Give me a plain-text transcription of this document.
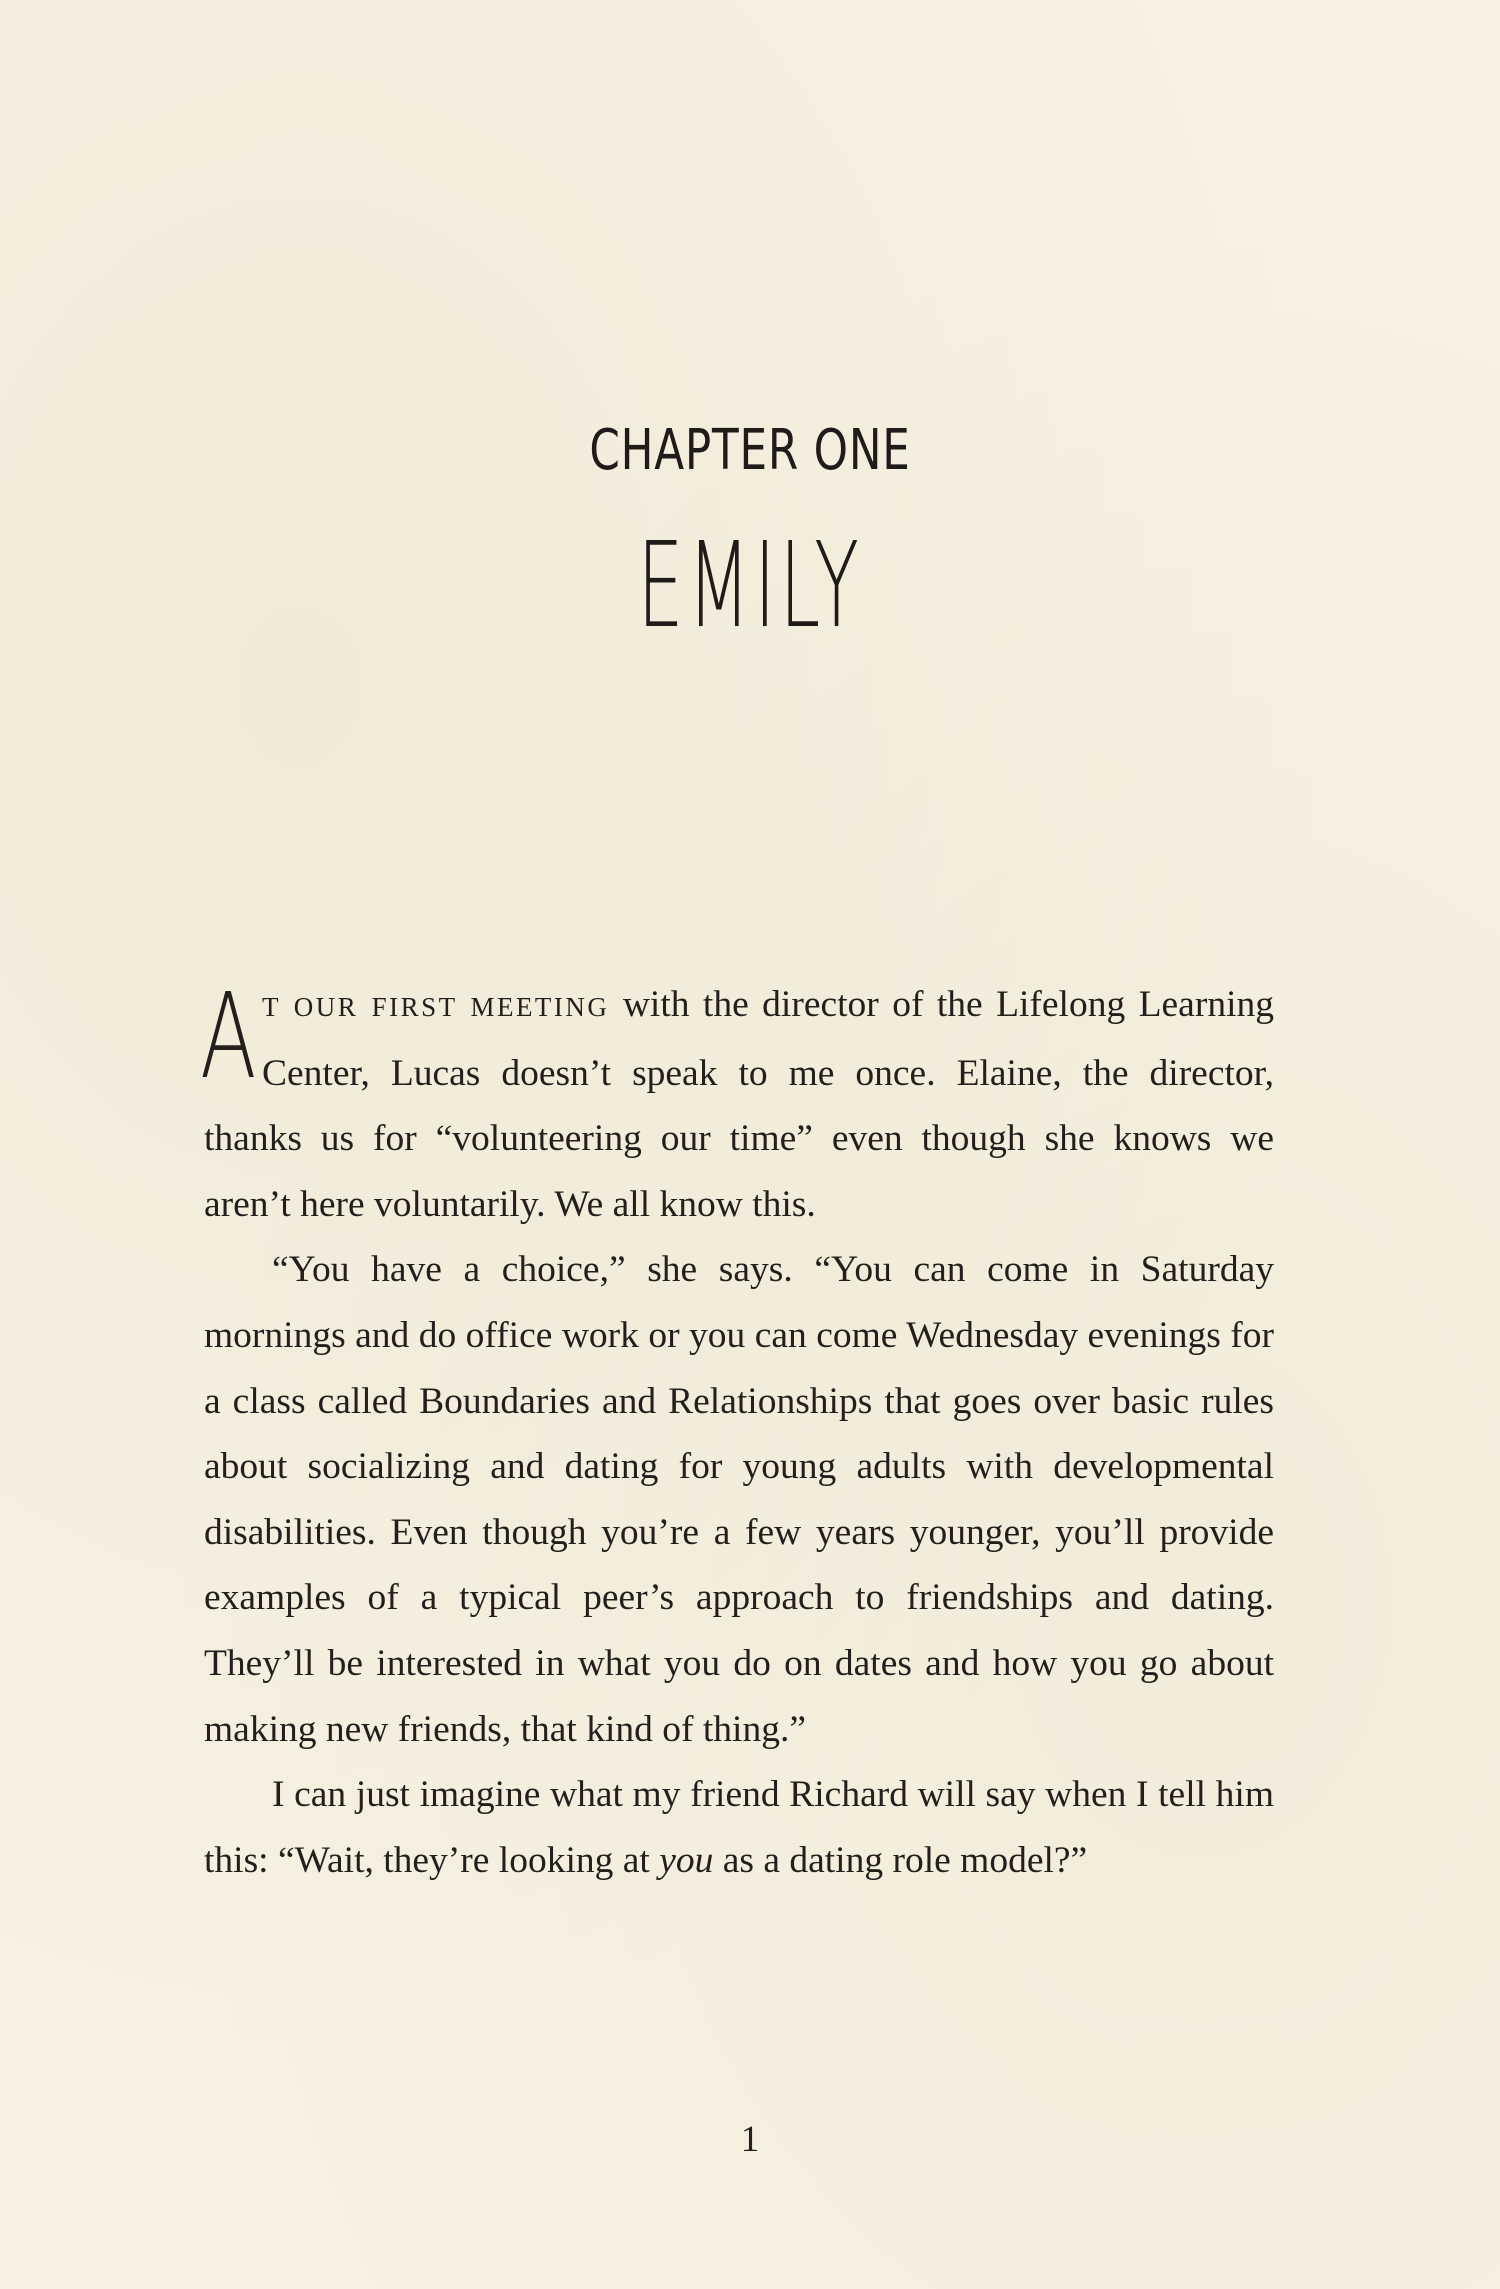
CHAPTER ONE
EMILY

A T OUR FIRST MEETING with the director of the Lifelong Learning Center, Lucas doesn’t speak to me once. Elaine, the director, thanks us for “volunteering our time” even though she knows we aren’t here voluntarily. We all know this.

“You have a choice,” she says. “You can come in Saturday mornings and do office work or you can come Wednesday evenings for a class called Boundaries and Relationships that goes over basic rules about socializing and dating for young adults with developmental disabilities. Even though you’re a few years younger, you’ll provide examples of a typical peer’s approach to friendships and dating. They’ll be interested in what you do on dates and how you go about making new friends, that kind of thing.”

I can just imagine what my friend Richard will say when I tell him this: “Wait, they’re looking at you as a dating role model?”

1
